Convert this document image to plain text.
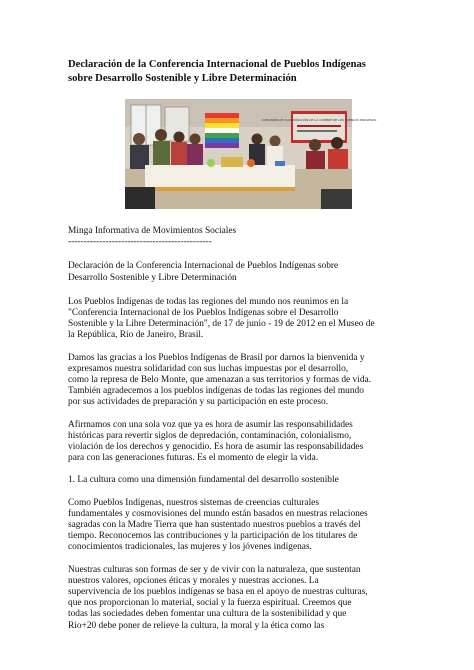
Declaración de la Conferencia Internacional de Pueblos Indígenas
sobre Desarrollo Sostenible y Libre Determinación
II REUNIÓN DE COORDINACIÓN DE LA CUMBRE DE LOS PUEBLOS INDÍGENAS
Minga Informativa de Movimientos Sociales
----------------------------------------------
Declaración de la Conferencia Internacional de Pueblos Indígenas sobre
Desarrollo Sostenible y Libre Determinación
Los Pueblos Indígenas de todas las regiones del mundo nos reunimos en la
"Conferencia Internacional de los Pueblos Indígenas sobre el Desarrollo
Sostenible y la Libre Determinación", de 17 de junio - 19 de 2012 en el Museo de
la República, Río de Janeiro, Brasil.
Damos las gracias a los Pueblos Indígenas de Brasil por darnos la bienvenida y
expresamos nuestra solidaridad con sus luchas impuestas por el desarrollo,
como la represa de Belo Monte, que amenazan a sus territorios y formas de vida.
También agradecemos a los pueblos indígenas de todas las regiones del mundo
por sus actividades de preparación y su participación en este proceso.
Afirmamos con una sola voz que ya es hora de asumir las responsabilidades
históricas para revertir siglos de depredación, contaminación, colonialismo,
violación de los derechos y genocidio. Es hora de asumir las responsabilidades
para con las generaciones futuras. Es el momento de elegir la vida.
1. La cultura como una dimensión fundamental del desarrollo sostenible
Como Pueblos Indígenas, nuestros sistemas de creencias culturales
fundamentales y cosmovisiones del mundo están basados en nuestras relaciones
sagradas con la Madre Tierra que han sustentado nuestros pueblos a través del
tiempo. Reconocemos las contribuciones y la participación de los titulares de
conocimientos tradicionales, las mujeres y los jóvenes indígenas.
Nuestras culturas son formas de ser y de vivir con la naturaleza, que sustentan
nuestros valores, opciones éticas y morales y nuestras acciones. La
supervivencia de los pueblos indígenas se basa en el apoyo de nuestras culturas,
que nos proporcionan lo material, social y la fuerza espiritual. Creemos que
todas las sociedades deben fomentar una cultura de la sostenibilidad y que
Río+20 debe poner de relieve la cultura, la moral y la ética como las
